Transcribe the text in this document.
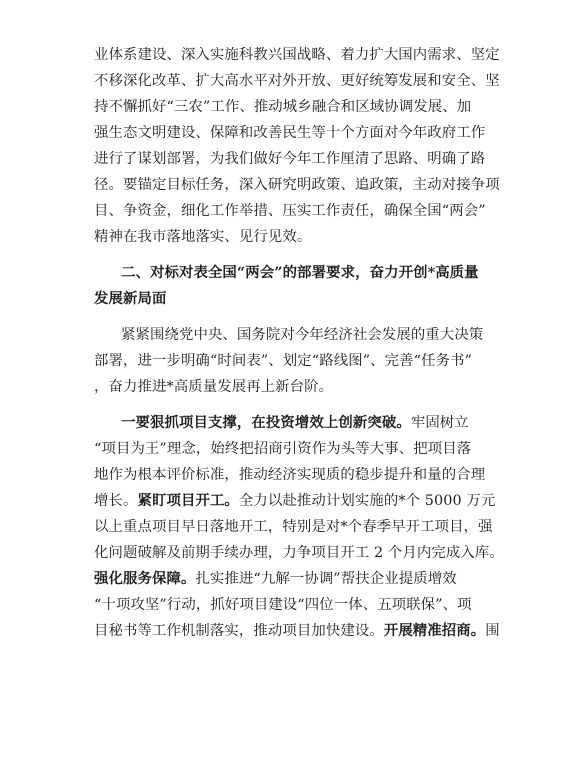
业体系建设、深入实施科教兴国战略、着力扩大国内需求、坚定
不移深化改革、扩大高水平对外开放、更好统筹发展和安全、坚
持不懈抓好“三农”工作、推动城乡融合和区域协调发展、加
强生态文明建设、保障和改善民生等十个方面对今年政府工作
进行了谋划部署，为我们做好今年工作厘清了思路、明确了路
径。要锚定目标任务，深入研究明政策、追政策，主动对接争项
目、争资金，细化工作举措、压实工作责任，确保全国“两会”
精神在我市落地落实、见行见效。
二、对标对表全国“两会”的部署要求，奋力开创*高质量
发展新局面
紧紧围绕党中央、国务院对今年经济社会发展的重大决策
部署，进一步明确“时间表”、划定“路线图”、完善“任务书”
，奋力推进*高质量发展再上新台阶。
一要狠抓项目支撑，在投资增效上创新突破。牢固树立
“项目为王”理念，始终把招商引资作为头等大事、把项目落
地作为根本评价标准，推动经济实现质的稳步提升和量的合理
增长。紧盯项目开工。全力以赴推动计划实施的*个 5000 万元
以上重点项目早日落地开工，特别是对*个春季早开工项目，强
化问题破解及前期手续办理，力争项目开工 2 个月内完成入库。
强化服务保障。扎实推进“九解一协调”帮扶企业提质增效
“十项攻坚”行动，抓好项目建设“四位一体、五项联保”、项
目秘书等工作机制落实，推动项目加快建设。开展精准招商。围
